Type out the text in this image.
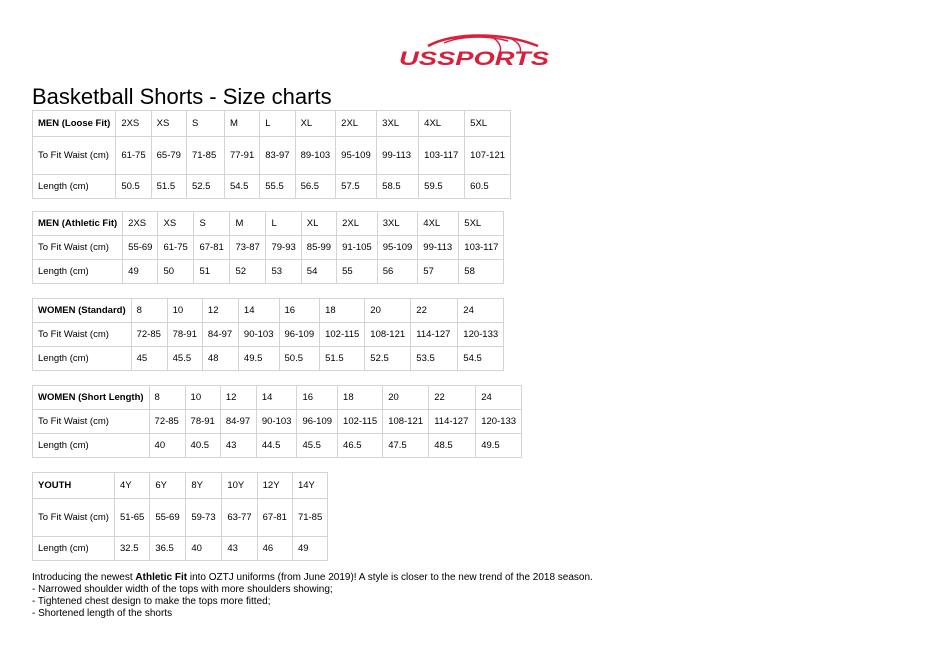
USSPORTS
Basketball Shorts - Size charts
MEN (Loose Fit)	2XS	XS	S	M	L	XL	2XL	3XL	4XL	5XL
To Fit Waist (cm)	61-75	65-79	71-85	77-91	83-97	89-103	95-109	99-113	103-117	107-121
Length (cm)	50.5	51.5	52.5	54.5	55.5	56.5	57.5	58.5	59.5	60.5
MEN (Athletic Fit)	2XS	XS	S	M	L	XL	2XL	3XL	4XL	5XL
To Fit Waist (cm)	55-69	61-75	67-81	73-87	79-93	85-99	91-105	95-109	99-113	103-117
Length (cm)	49	50	51	52	53	54	55	56	57	58
WOMEN (Standard)	8	10	12	14	16	18	20	22	24
To Fit Waist (cm)	72-85	78-91	84-97	90-103	96-109	102-115	108-121	114-127	120-133
Length (cm)	45	45.5	48	49.5	50.5	51.5	52.5	53.5	54.5
WOMEN (Short Length)	8	10	12	14	16	18	20	22	24
To Fit Waist (cm)	72-85	78-91	84-97	90-103	96-109	102-115	108-121	114-127	120-133
Length (cm)	40	40.5	43	44.5	45.5	46.5	47.5	48.5	49.5
YOUTH	4Y	6Y	8Y	10Y	12Y	14Y
To Fit Waist (cm)	51-65	55-69	59-73	63-77	67-81	71-85
Length (cm)	32.5	36.5	40	43	46	49

Introducing the newest Athletic Fit into OZTJ uniforms (from June 2019)! A style is closer to the new trend of the 2018 season.

- Narrowed shoulder width of the tops with more shoulders showing;

- Tightened chest design to make the tops more fitted;

- Shortened length of the shorts
